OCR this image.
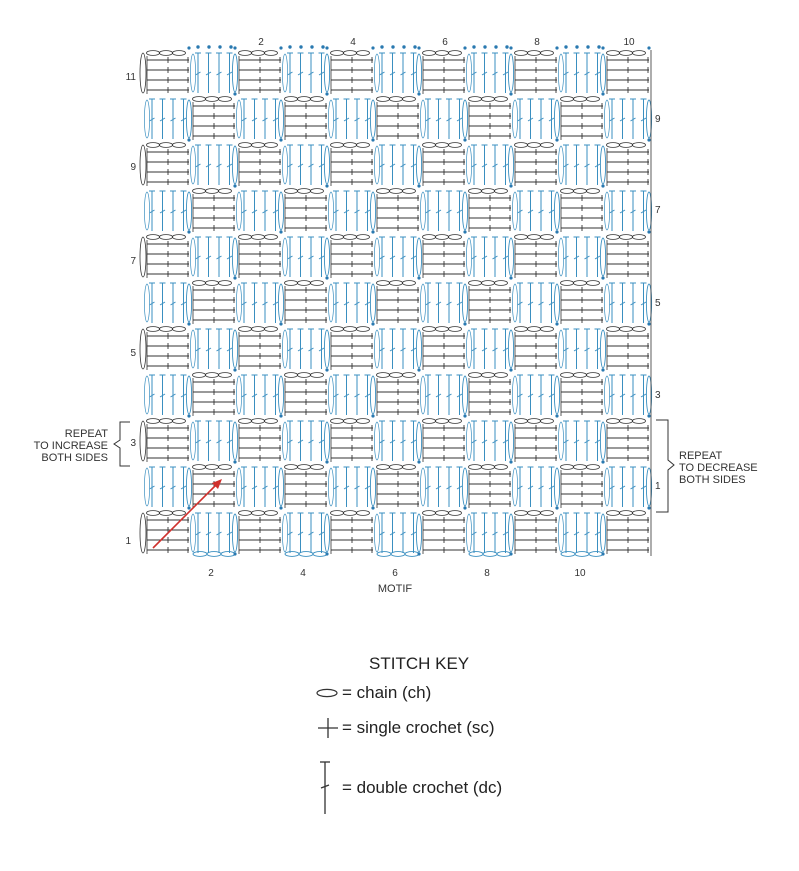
1
3
5
7
9
11
1
3
5
7
9
2	4	6	8	10
MOTIF
2	4	6	8	10
REPEAT
TO INCREASE
BOTH SIDES	REPEAT
TO DECREASE
BOTH SIDES
STITCH KEY
= chain (ch)
= single crochet (sc)
= double crochet (dc)
